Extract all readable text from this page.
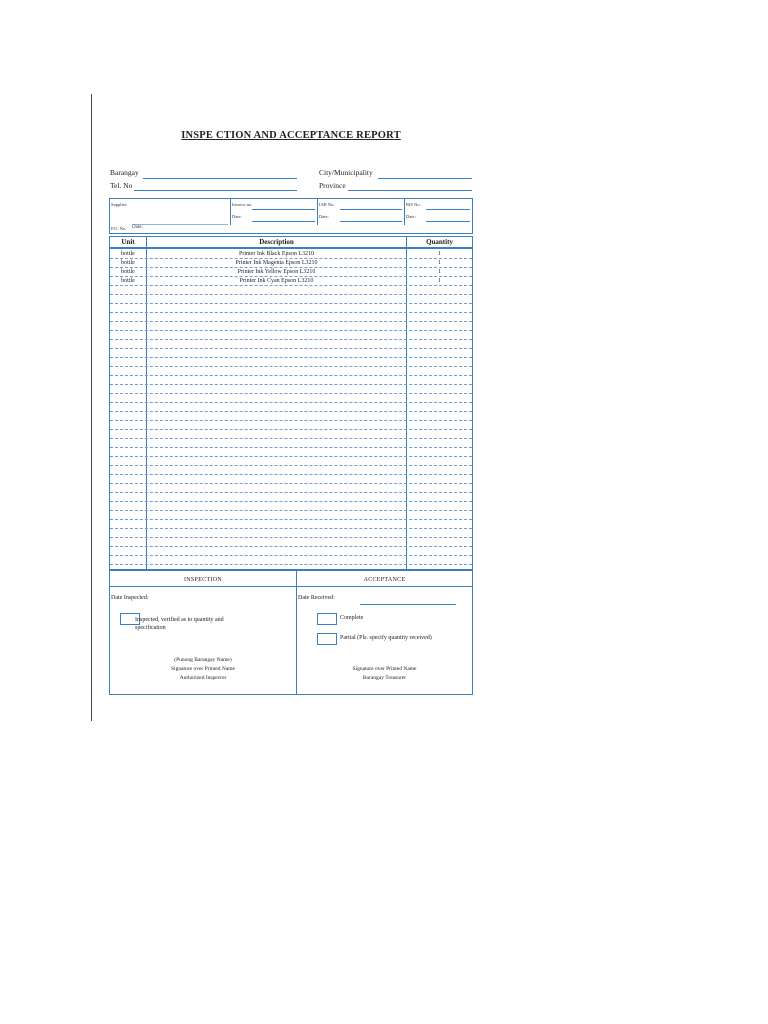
INSPE CTION AND ACCEPTANCE REPORT
Barangay
Tel. No
City/Municipality
Province
Supplier:	Invoice no.
Date:
IAR No.
Date:
RIS No.
Date:
P.O. No. Date:
Unit	Description	Quantity
bottle	Printer Ink Black Epson L3210	1
bottle	Printer Ink Magenta Epson L3210	1
bottle	Printer Ink Yellow Epson L3210	1
bottle	Printer Ink Cyan Epson L3210	1
INSPECTION	ACCEPTANCE
Date Inspected:
Inspected, verified as to quantity and specification
(Punong Barangay Name)
Signature over Printed Name
Authorized Inspector
Date Received:
Complete
Partial (Pls. specify quantity received)
Signature over Printed Name
Barangay Treasurer
